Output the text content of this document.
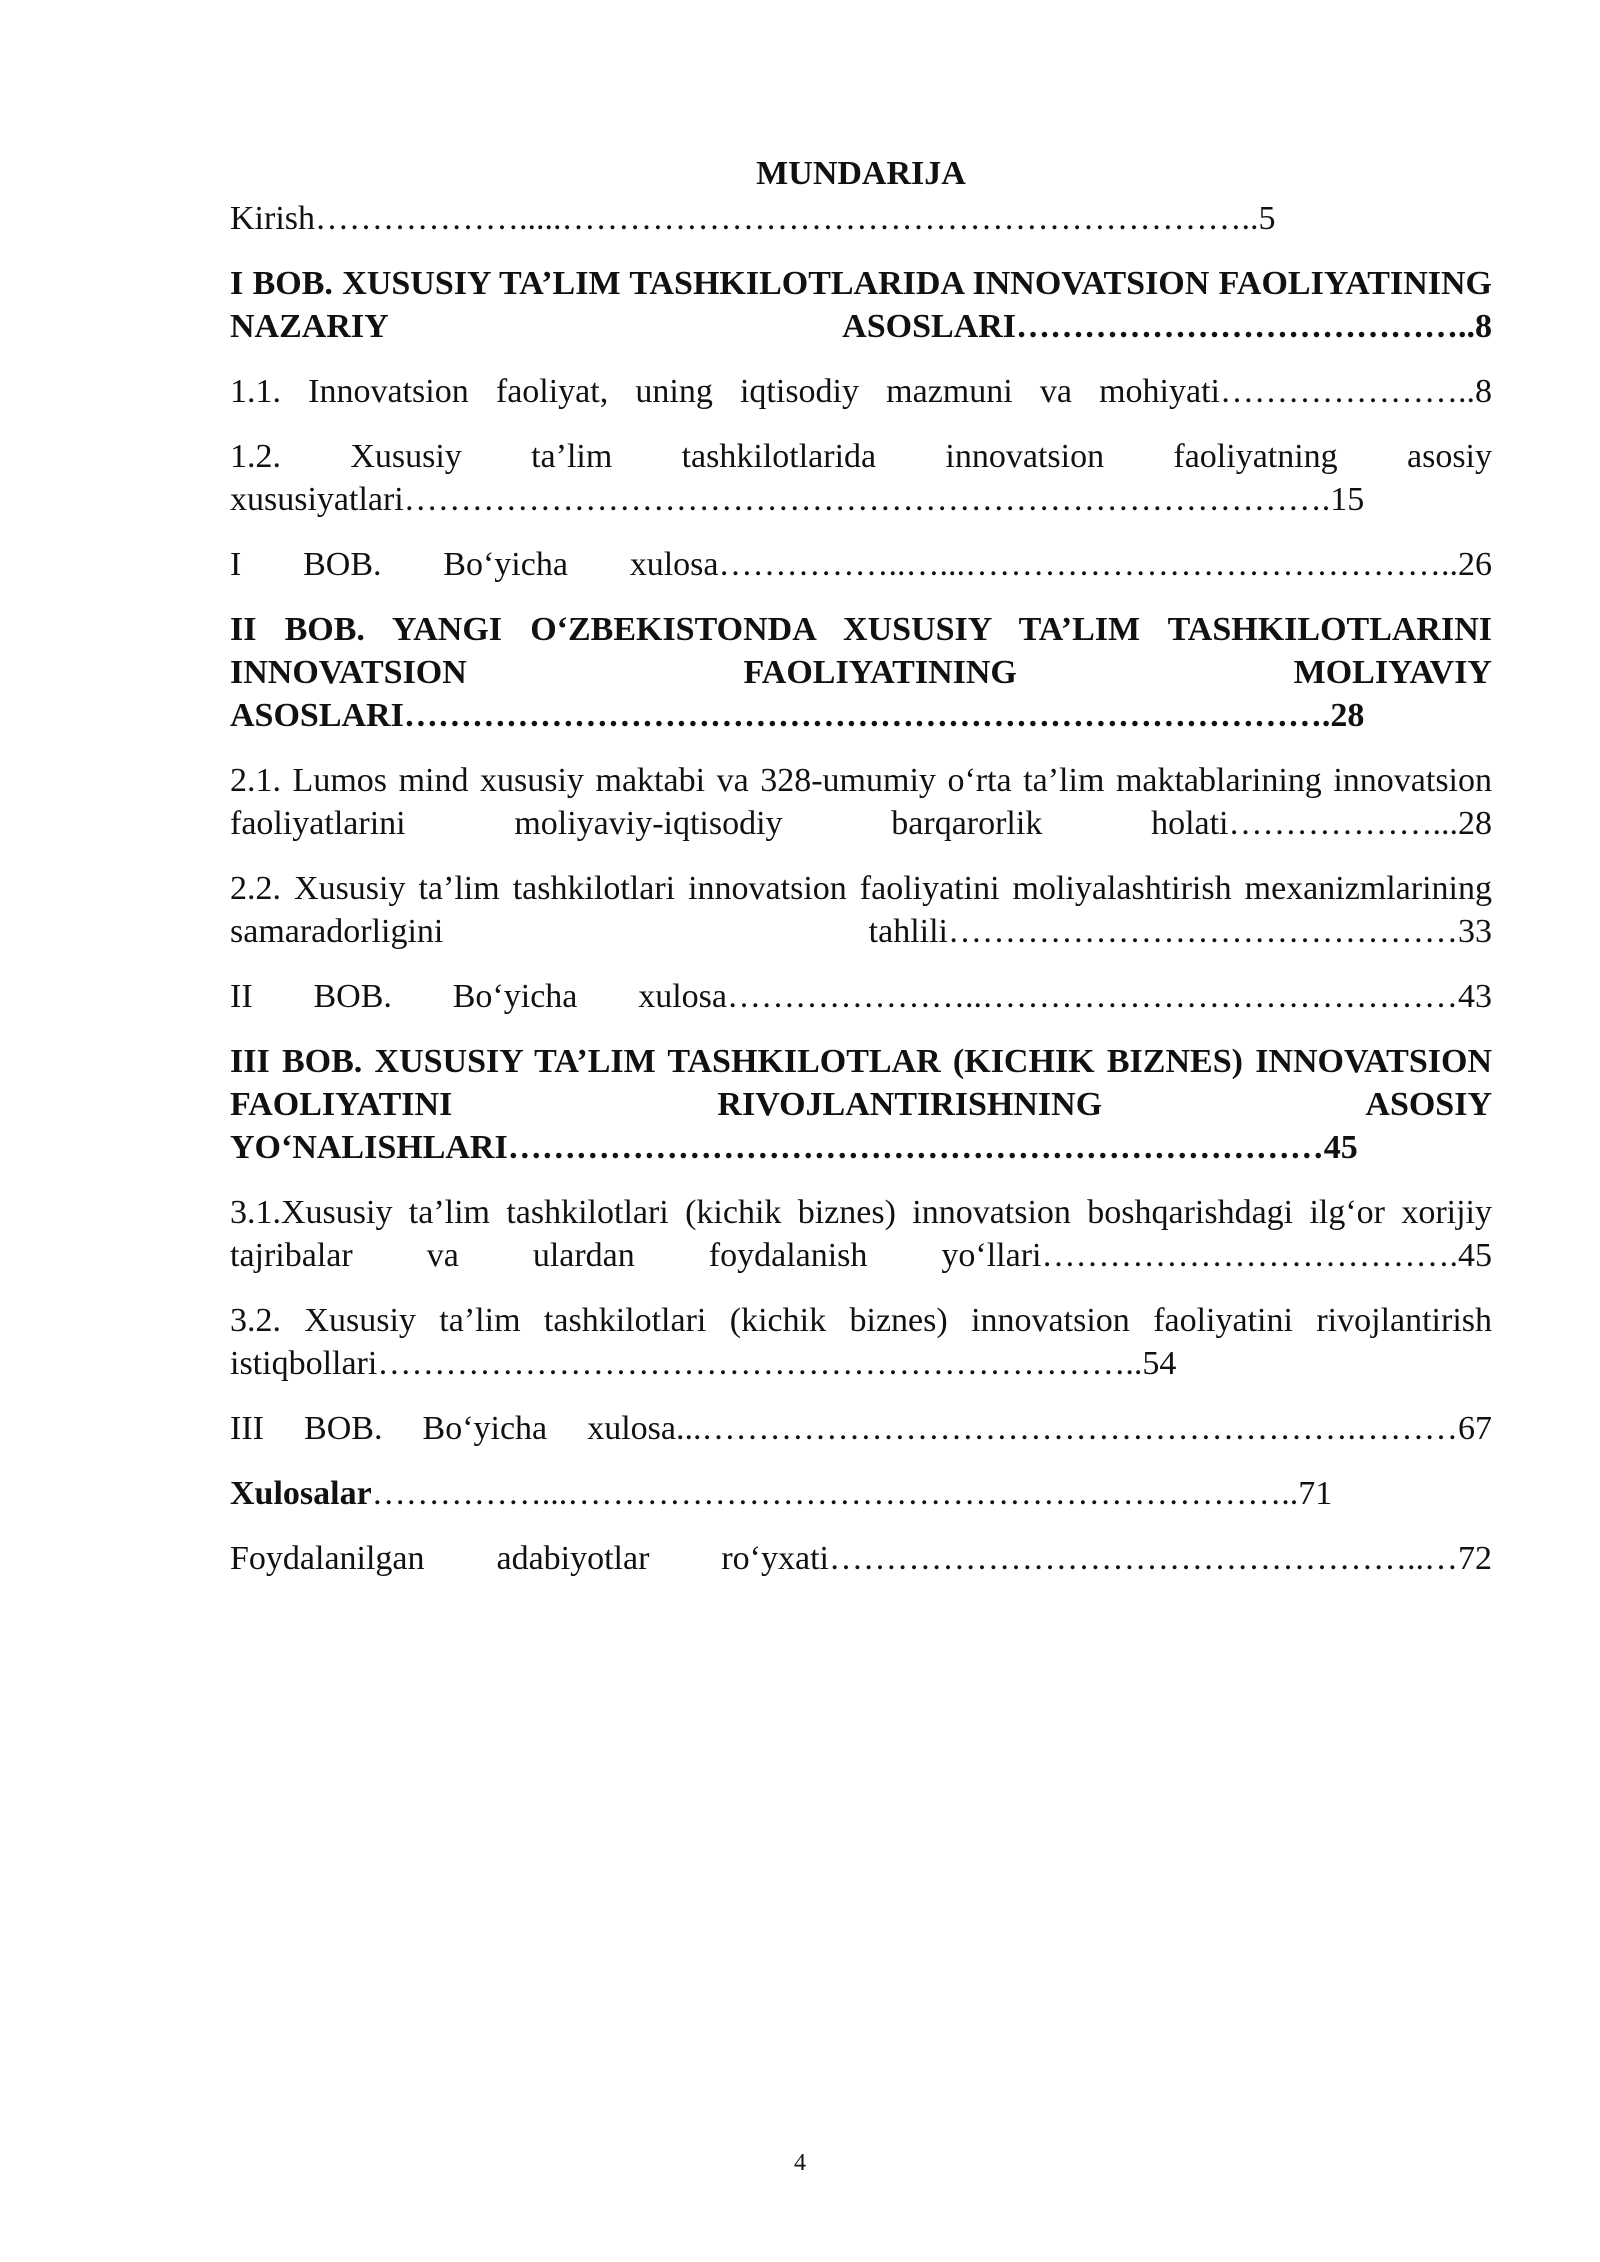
MUNDARIJA
Kirish……………….....……………………………………………………..5
I BOB. XUSUSIY TA’LIM TASHKILOTLARIDA INNOVATSION FAOLIYATINING NAZARIY ASOSLARI…………………………………..8
1.1. Innovatsion faoliyat, uning iqtisodiy mazmuni va mohiyati…………………..8
1.2. Xususiy ta’lim tashkilotlarida innovatsion faoliyatning asosiy xususiyatlari……………………………………………………………………….15
I BOB. Bo‘yicha xulosa……………..…...……………………………………..26
II BOB. YANGI O‘ZBEKISTONDA XUSUSIY TA’LIM TASHKILOTLARINI INNOVATSION FAOLIYATINING MOLIYAVIY ASOSLARI……………………………………………………………………….28
2.1. Lumos mind xususiy maktabi va 328-umumiy o‘rta ta’lim maktablarining innovatsion faoliyatlarini moliyaviy-iqtisodiy barqarorlik holati………………...28
2.2. Xususiy ta’lim tashkilotlari innovatsion faoliyatini moliyalashtirish mexanizmlarining samaradorligini tahlili………………………………………33
II BOB. Bo‘yicha xulosa…………………..……………………………………43
III BOB. XUSUSIY TA’LIM TASHKILOTLAR (KICHIK BIZNES) INNOVATSION FAOLIYATINI RIVOJLANTIRISHNING ASOSIY YO‘NALISHLARI………………………………………………………………45
3.1.Xususiy ta’lim tashkilotlari (kichik biznes) innovatsion boshqarishdagi ilg‘or xorijiy tajribalar va ulardan foydalanish yo‘llari……………………………….45
3.2. Xususiy ta’lim tashkilotlari (kichik biznes) innovatsion faoliyatini rivojlantirish istiqbollari…………………………………………………………..54
III BOB. Bo‘yicha xulosa...………………………………………………….………67
Xulosalar……………...………………………………………………………..71
Foydalanilgan adabiyotlar ro‘yxati……………………………………………..…72
4
